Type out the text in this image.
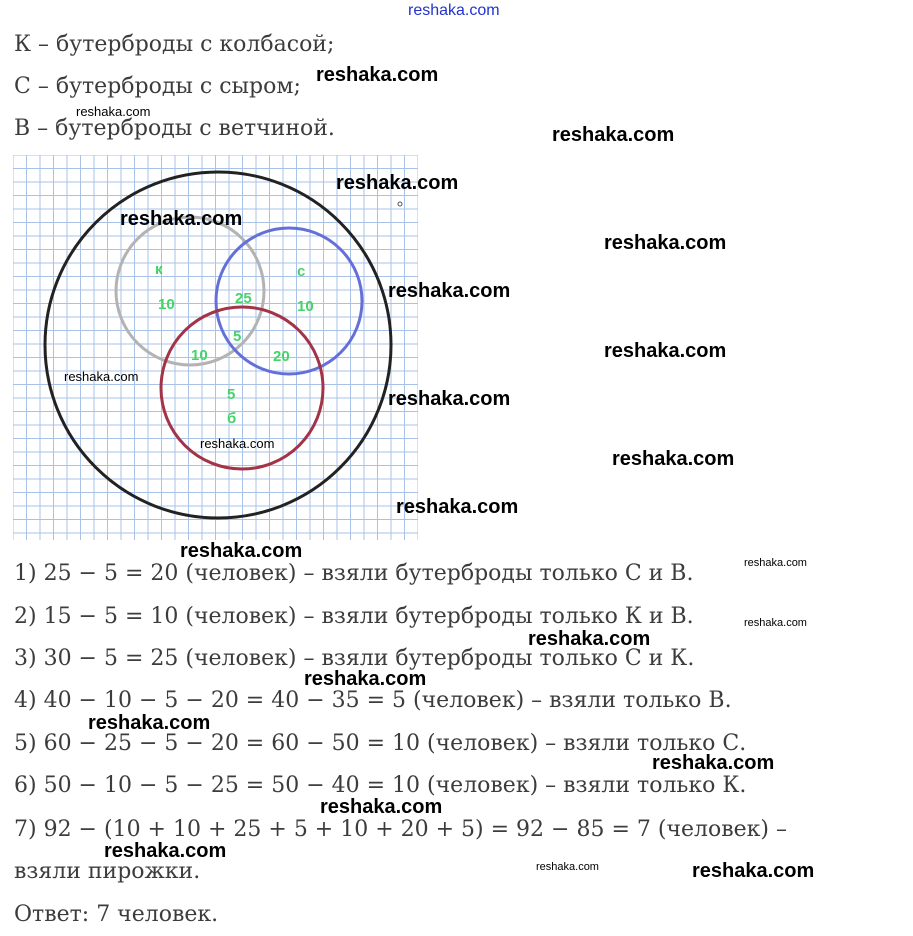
reshaka.com
К – бутерброды с колбасой;
С – бутерброды с сыром;
В – бутерброды с ветчиной.
к	с
б
10	10
25
5
10	20
5
reshaka.com
reshaka.com
1) 25 − 5 = 20 (человек) – взяли бутерброды только С и В.
2) 15 − 5 = 10 (человек) – взяли бутерброды только К и В.
3) 30 − 5 = 25 (человек) – взяли бутерброды только С и К.
4) 40 − 10 − 5 − 20 = 40 − 35 = 5 (человек) – взяли только В.
5) 60 − 25 − 5 − 20 = 60 − 50 = 10 (человек) – взяли только С.
6) 50 − 10 − 5 − 25 = 50 − 40 = 10 (человек) – взяли только К.
7) 92 − (10 + 10 + 25 + 5 + 10 + 20 + 5) = 92 − 85 = 7 (человек) –
взяли пирожки.
Ответ: 7 человек.
reshaka.com
reshaka.com
reshaka.com
reshaka.com
reshaka.com
reshaka.com
reshaka.com
reshaka.com
reshaka.com
reshaka.com
reshaka.com
reshaka.com
reshaka.com
reshaka.com
reshaka.com
reshaka.com
reshaka.com
reshaka.com
reshaka.com
reshaka.com
reshaka.com	reshaka.com
